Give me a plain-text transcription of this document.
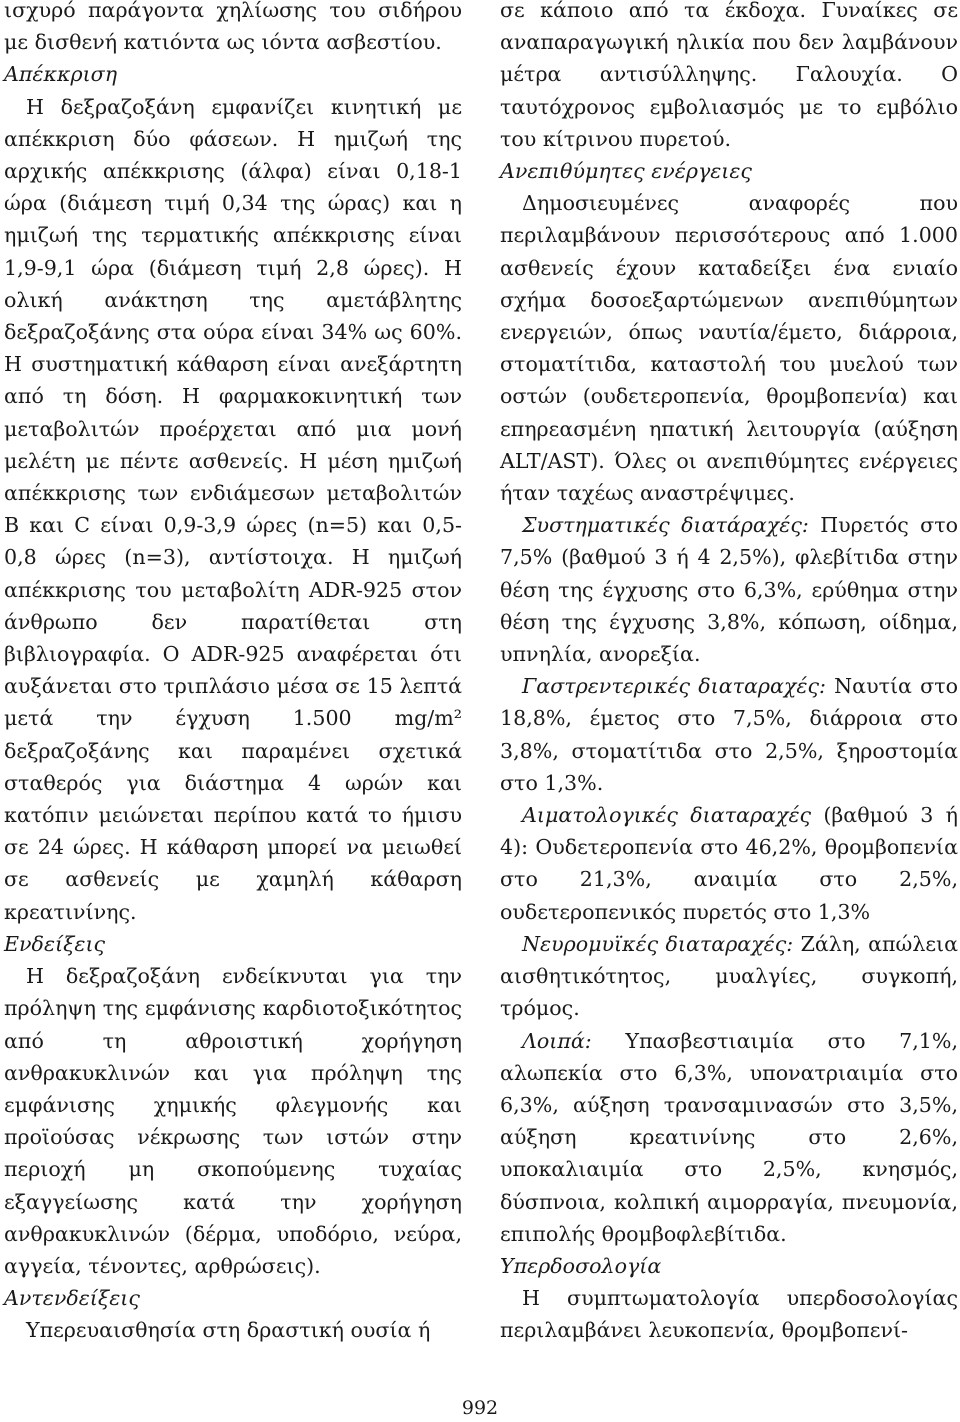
ισχυρό παράγοντα χηλίωσης του σιδήρου με δισθενή κατιόντα ως ιόντα ασβεστίου.

Απέκκριση

Η δεξραζοξάνη εμφανίζει κινητική με απέκκριση δύο φάσεων. Η ημιζωή της αρχικής απέκκρισης (άλφα) είναι 0,18-1 ώρα (διάμεση τιμή 0,34 της ώρας) και η ημιζωή της τερματικής απέκκρισης είναι 1,9-9,1 ώρα (διάμεση τιμή 2,8 ώρες). Η ολική ανάκτηση της αμετάβλητης δεξραζοξάνης στα ούρα είναι 34% ως 60%. Η συστηματική κάθαρση είναι ανεξάρτητη από τη δόση. Η φαρμακοκινητική των μεταβολιτών προέρχεται από μια μονή μελέτη με πέντε ασθενείς. Η μέση ημιζωή απέκκρισης των ενδιάμεσων μεταβολιτών Β και C είναι 0,9-3,9 ώρες (n=5) και 0,5-0,8 ώρες (n=3), αντίστοιχα. Η ημιζωή απέκκρισης του μεταβολίτη ADR-925 στον άνθρωπο δεν παρατίθεται στη βιβλιογραφία. Ο ADR-925 αναφέρεται ότι αυξάνεται στο τριπλάσιο μέσα σε 15 λεπτά μετά την έγχυση 1.500 mg/m² δεξραζοξάνης και παραμένει σχετικά σταθερός για διάστημα 4 ωρών και κατόπιν μειώνεται περίπου κατά το ήμισυ σε 24 ώρες. Η κάθαρση μπορεί να μειωθεί σε ασθενείς με χαμηλή κάθαρση κρεατινίνης.

Ενδείξεις

Η δεξραζοξάνη ενδείκνυται για την πρόληψη της εμφάνισης καρδιοτοξικότητος από τη αθροιστική χορήγηση ανθρακυκλινών και για πρόληψη της εμφάνισης χημικής φλεγμονής και προϊούσας νέκρωσης των ιστών στην περιοχή μη σκοπούμενης τυχαίας εξαγγείωσης κατά την χορήγηση ανθρακυκλινών (δέρμα, υποδόριο, νεύρα, αγγεία, τένοντες, αρθρώσεις).

Αντενδείξεις

Υπερευαισθησία στη δραστική ουσία ή

σε κάποιο από τα έκδοχα. Γυναίκες σε αναπαραγωγική ηλικία που δεν λαμβάνουν μέτρα αντισύλληψης. Γαλουχία. Ο ταυτόχρονος εμβολιασμός με το εμβόλιο του κίτρινου πυρετού.

Ανεπιθύμητες ενέργειες

Δημοσιευμένες αναφορές που περιλαμβάνουν περισσότερους από 1.000 ασθενείς έχουν καταδείξει ένα ενιαίο σχήμα δοσοεξαρτώμενων ανεπιθύμητων ενεργειών, όπως ναυτία/έμετο, διάρροια, στοματίτιδα, καταστολή του μυελού των οστών (ουδετεροπενία, θρομβοπενία) και επηρεασμένη ηπατική λειτουργία (αύξηση ALT/AST). Όλες οι ανεπιθύμητες ενέργειες ήταν ταχέως αναστρέψιμες.

Συστηματικές διατάραχές: Πυρετός στο 7,5% (βαθμού 3 ή 4 2,5%), φλεβίτιδα στην θέση της έγχυσης στο 6,3%, ερύθημα στην θέση της έγχυσης 3,8%, κόπωση, οίδημα, υπνηλία, ανορεξία.

Γαστρεντερικές διαταραχές: Ναυτία στο 18,8%, έμετος στο 7,5%, διάρροια στο 3,8%, στοματίτιδα στο 2,5%, ξηροστομία στο 1,3%.

Αιματολογικές διαταραχές (βαθμού 3 ή 4): Ουδετεροπενία στο 46,2%, θρομβοπενία στο 21,3%, αναιμία στο 2,5%, ουδετεροπενικός πυρετός στο 1,3%

Νευρομυϊκές διαταραχές: Ζάλη, απώλεια αισθητικότητος, μυαλγίες, συγκοπή, τρόμος.

Λοιπά: Υπασβεστιαιμία στο 7,1%, αλωπεκία στο 6,3%, υπονατριαιμία στο 6,3%, αύξηση τρανσαμινασών στο 3,5%, αύξηση κρεατινίνης στο 2,6%, υποκαλιαιμία στο 2,5%, κνησμός, δύσπνοια, κολπική αιμορραγία, πνευμονία, επιπολής θρομβοφλεβίτιδα.

Υπερδοσολογία

Η συμπτωματολογία υπερδοσολογίας περιλαμβάνει λευκοπενία, θρομβοπενί-

992
